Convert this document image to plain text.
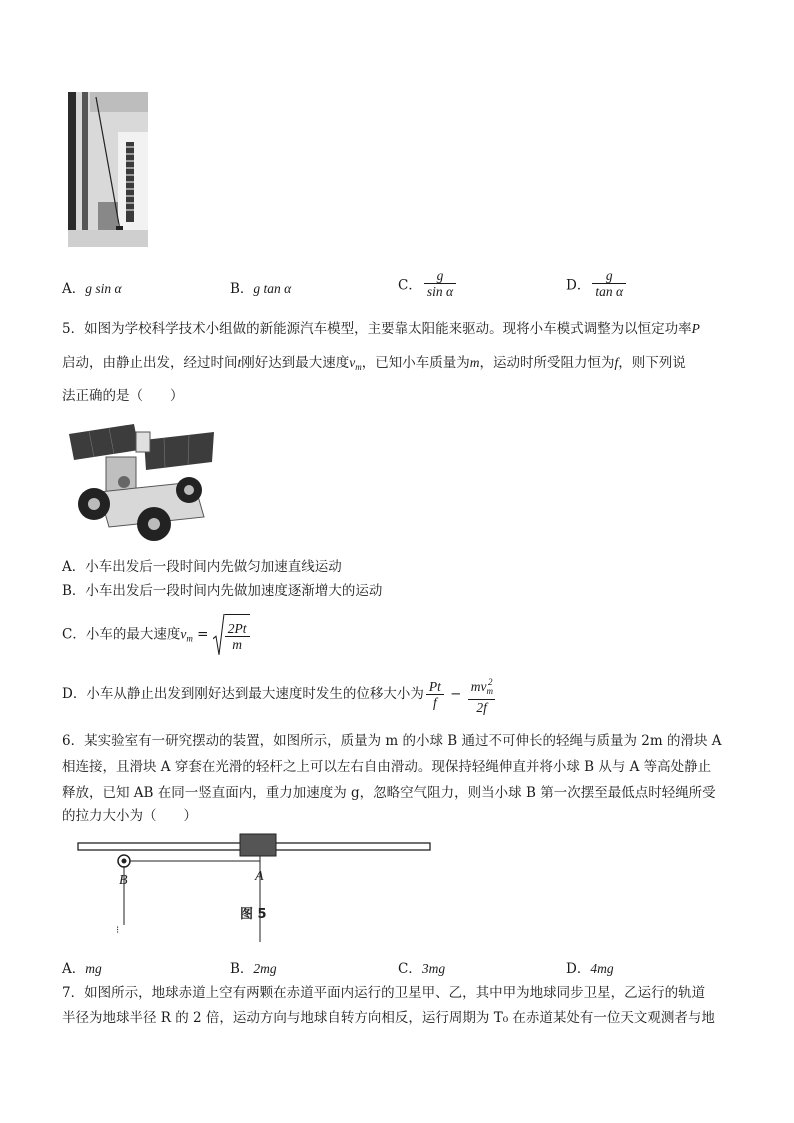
A．g sin α	B．g tan α	C． $\frac{g}{\text{sin α}}$	D． $\frac{g}{\text{tan α}}$
5．如图为学校科学技术小组做的新能源汽车模型，主要靠太阳能来驱动。现将小车模式调整为以恒定功率P
启动，由静止出发，经过时间t刚好达到最大速度$v_m$，已知小车质量为m，运动时所受阻力恒为f，则下列说
法正确的是（　　）
A．小车出发后一段时间内先做匀加速直线运动
B．小车出发后一段时间内先做加速度逐渐增大的运动
C．小车的最大速度$v_m = \frac{2Pt}{m}$
D．小车从静止出发到刚好达到最大速度时发生的位移大小为 $\frac{Pt}{f} - \frac{mv_m^2}{2f}$
6．某实验室有一研究摆动的装置，如图所示，质量为 m 的小球 B 通过不可伸长的轻绳与质量为 2m 的滑块 A
相连接，且滑块 A 穿套在光滑的轻杆之上可以左右自由滑动。现保持轻绳伸直并将小球 B 从与 A 等高处静止
释放，已知 AB 在同一竖直面内，重力加速度为 g，忽略空气阻力，则当小球 B 第一次摆至最低点时轻绳所受
的拉力大小为（　　）
⁝
B	A
图 5
A．mg	B．2mg	C．3mg	D．4mg
7．如图所示，地球赤道上空有两颗在赤道平面内运行的卫星甲、乙，其中甲为地球同步卫星，乙运行的轨道
半径为地球半径 R 的 2 倍，运动方向与地球自转方向相反，运行周期为 T₀ 在赤道某处有一位天文观测者与地
